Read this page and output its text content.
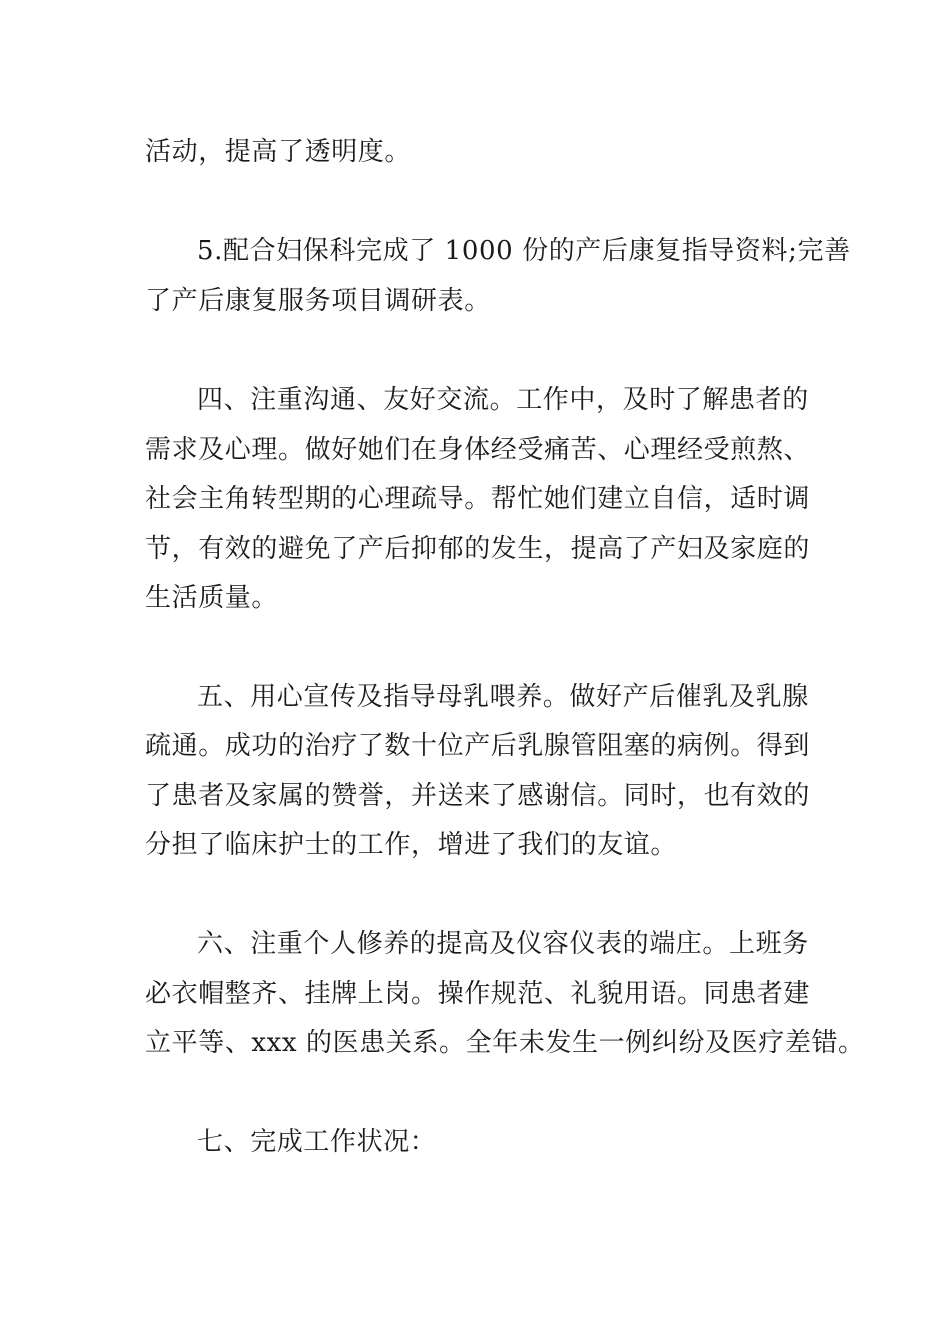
活动，提高了透明度。

5.配合妇保科完成了 1000 份的产后康复指导资料;完善

了产后康复服务项目调研表。

四、注重沟通、友好交流。工作中，及时了解患者的

需求及心理。做好她们在身体经受痛苦、心理经受煎熬、

社会主角转型期的心理疏导。帮忙她们建立自信，适时调

节，有效的避免了产后抑郁的发生，提高了产妇及家庭的

生活质量。

五、用心宣传及指导母乳喂养。做好产后催乳及乳腺

疏通。成功的治疗了数十位产后乳腺管阻塞的病例。得到

了患者及家属的赞誉，并送来了感谢信。同时，也有效的

分担了临床护士的工作，增进了我们的友谊。

六、注重个人修养的提高及仪容仪表的端庄。上班务

必衣帽整齐、挂牌上岗。操作规范、礼貌用语。同患者建

立平等、xxx 的医患关系。全年未发生一例纠纷及医疗差错。

七、完成工作状况：
